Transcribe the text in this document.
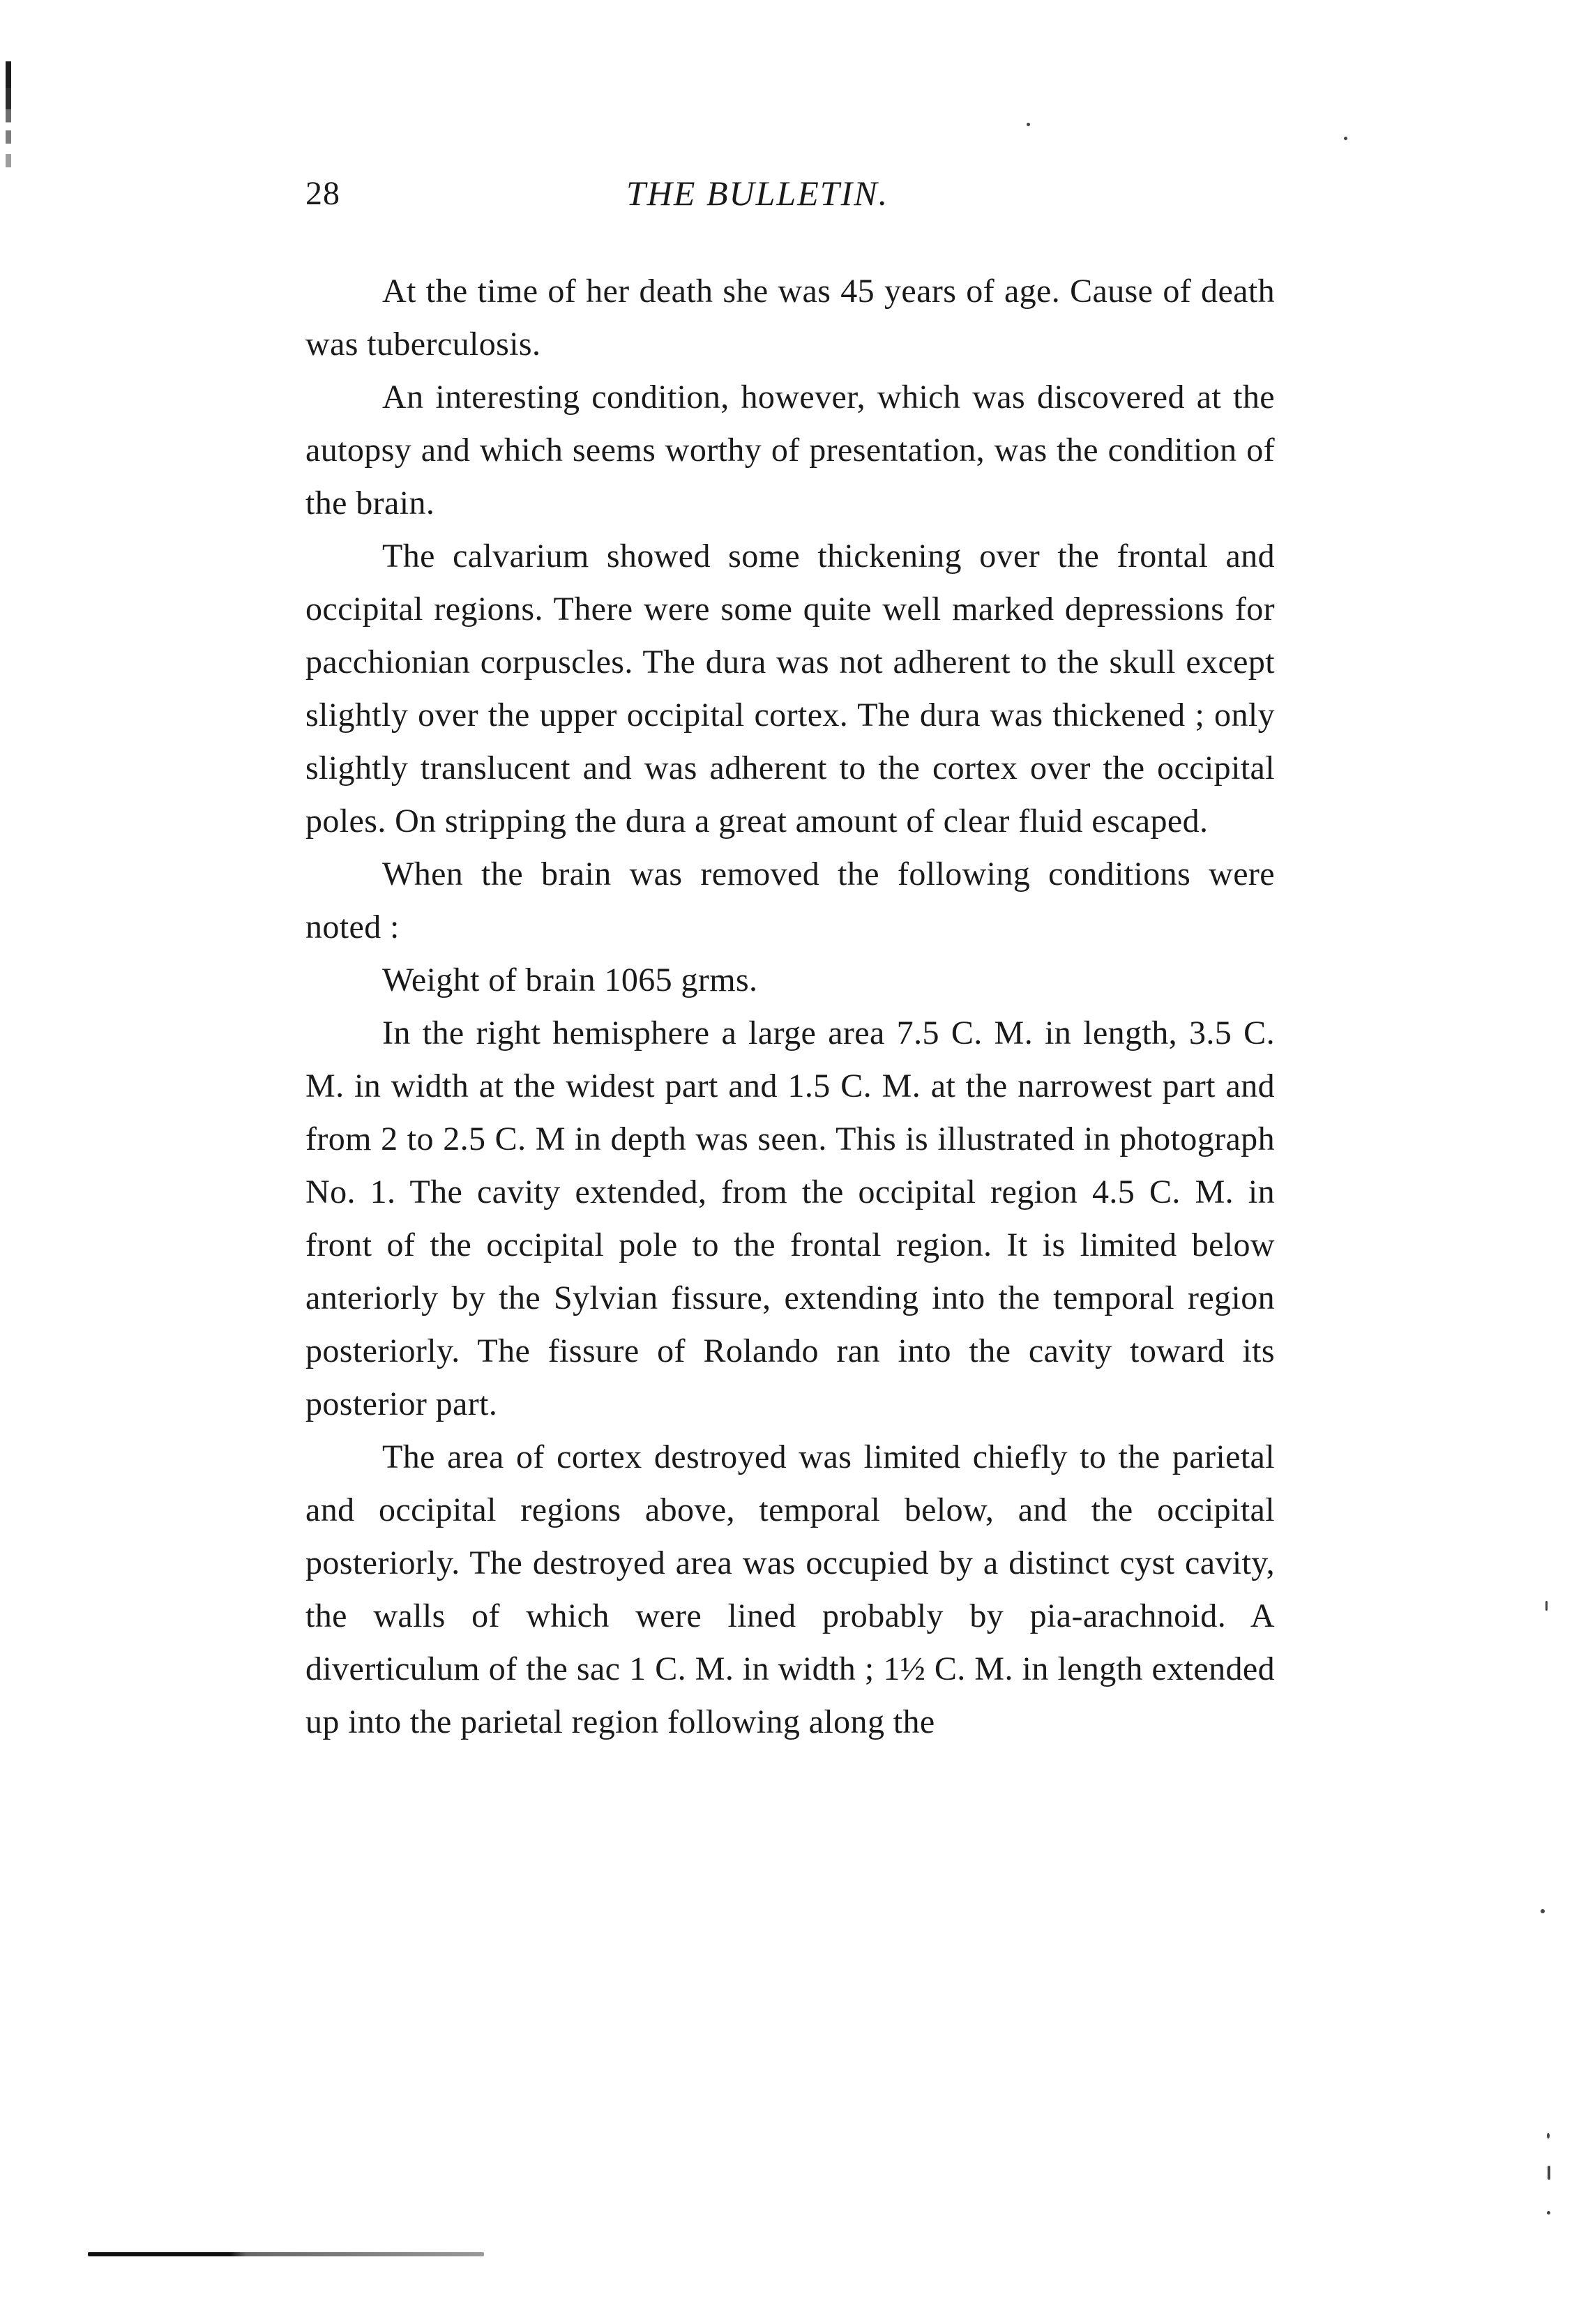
28	THE BULLETIN.

At the time of her death she was 45 years of age. Cause of death was tuberculosis.

An interesting condition, however, which was discovered at the autopsy and which seems worthy of presentation, was the condition of the brain.

The calvarium showed some thickening over the frontal and occipital regions. There were some quite well marked depressions for pacchionian corpuscles. The dura was not adherent to the skull except slightly over the upper occipital cortex. The dura was thickened ; only slightly translucent and was adherent to the cortex over the occipital poles. On stripping the dura a great amount of clear fluid escaped.

When the brain was removed the following conditions were noted :

Weight of brain 1065 grms.

In the right hemisphere a large area 7.5 C. M. in length, 3.5 C. M. in width at the widest part and 1.5 C. M. at the narrowest part and from 2 to 2.5 C. M in depth was seen. This is illustrated in photograph No. 1. The cavity extended, from the occipital region 4.5 C. M. in front of the occipital pole to the frontal region. It is limited below anteriorly by the Sylvian fissure, extending into the temporal region posteriorly. The fissure of Rolando ran into the cavity toward its posterior part.

The area of cortex destroyed was limited chiefly to the parietal and occipital regions above, temporal below, and the occipital posteriorly. The destroyed area was occupied by a distinct cyst cavity, the walls of which were lined probably by pia-arachnoid. A diverticulum of the sac 1 C. M. in width ; 1½ C. M. in length extended up into the parietal region following along the
